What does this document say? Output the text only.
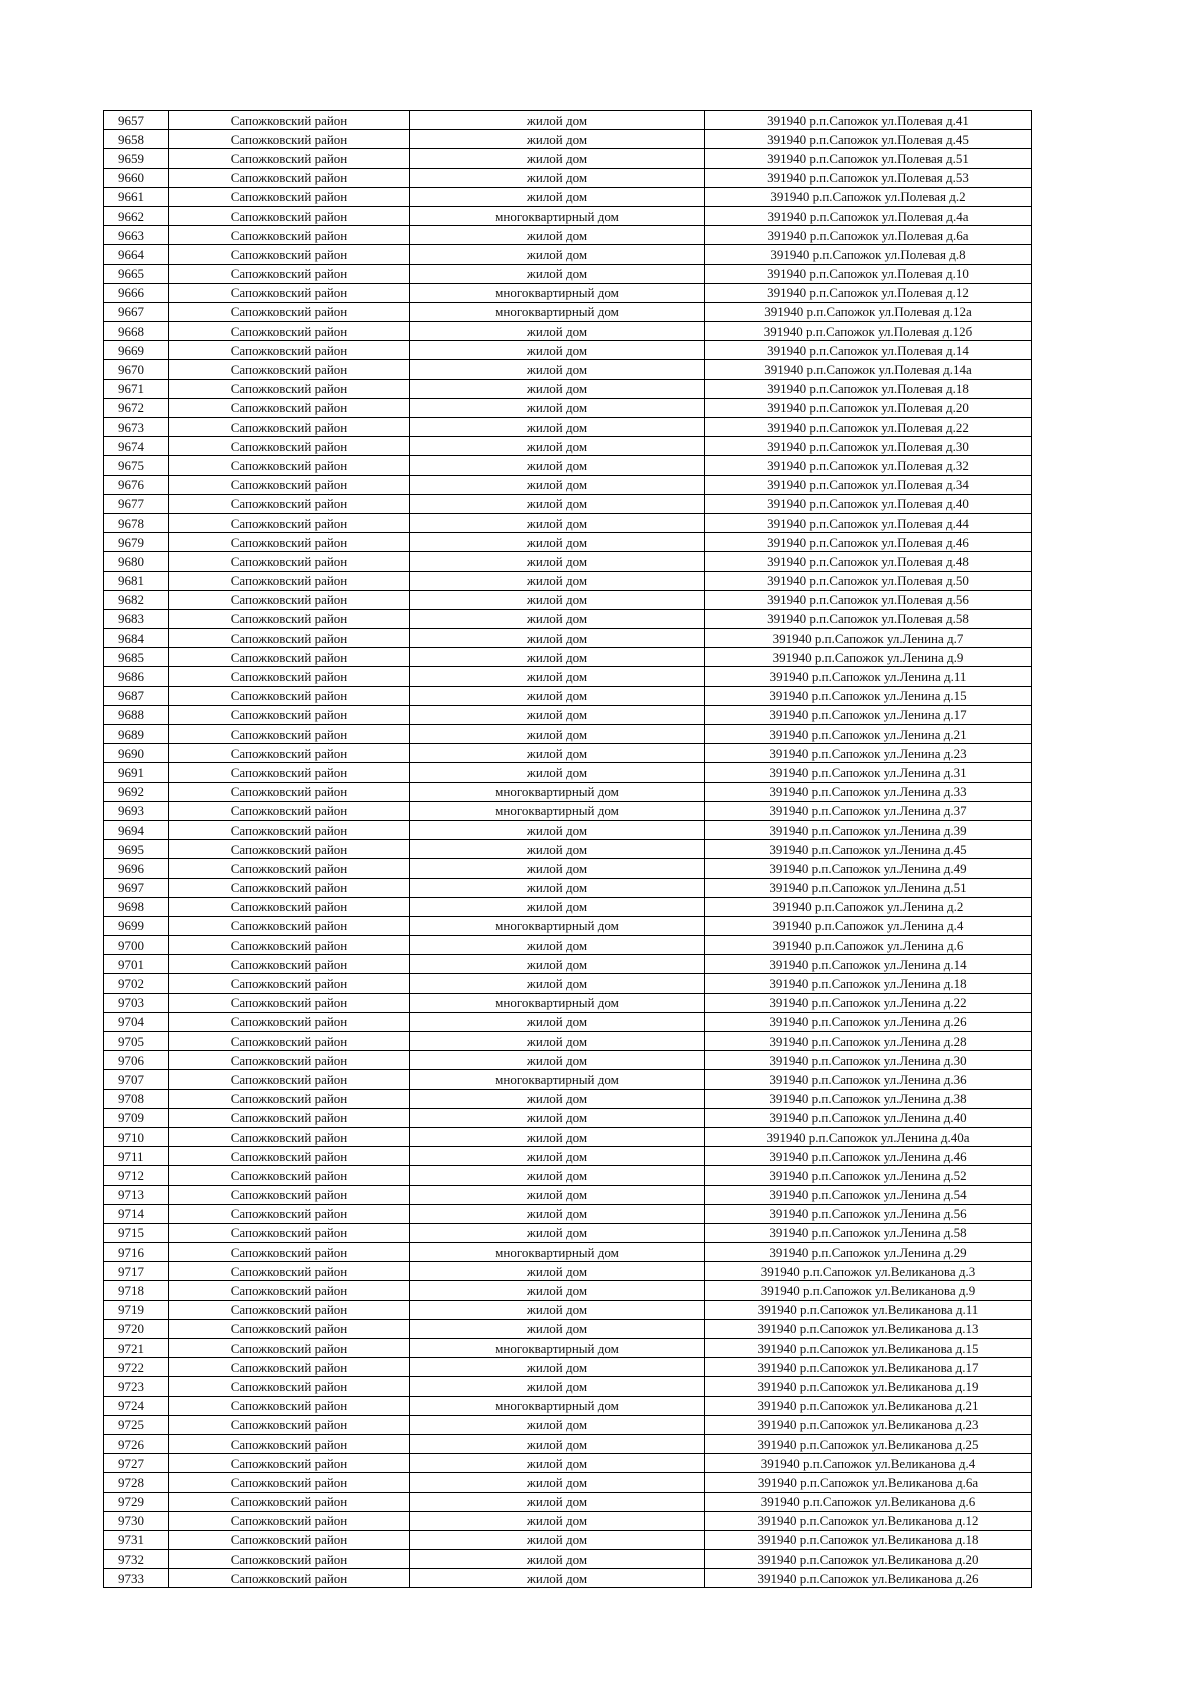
9657	Сапожковский район	жилой дом	391940 р.п.Сапожок ул.Полевая д.41
9658	Сапожковский район	жилой дом	391940 р.п.Сапожок ул.Полевая д.45
9659	Сапожковский район	жилой дом	391940 р.п.Сапожок ул.Полевая д.51
9660	Сапожковский район	жилой дом	391940 р.п.Сапожок ул.Полевая д.53
9661	Сапожковский район	жилой дом	391940 р.п.Сапожок ул.Полевая д.2
9662	Сапожковский район	многоквартирный дом	391940 р.п.Сапожок ул.Полевая д.4а
9663	Сапожковский район	жилой дом	391940 р.п.Сапожок ул.Полевая д.6а
9664	Сапожковский район	жилой дом	391940 р.п.Сапожок ул.Полевая д.8
9665	Сапожковский район	жилой дом	391940 р.п.Сапожок ул.Полевая д.10
9666	Сапожковский район	многоквартирный дом	391940 р.п.Сапожок ул.Полевая д.12
9667	Сапожковский район	многоквартирный дом	391940 р.п.Сапожок ул.Полевая д.12а
9668	Сапожковский район	жилой дом	391940 р.п.Сапожок ул.Полевая д.12б
9669	Сапожковский район	жилой дом	391940 р.п.Сапожок ул.Полевая д.14
9670	Сапожковский район	жилой дом	391940 р.п.Сапожок ул.Полевая д.14а
9671	Сапожковский район	жилой дом	391940 р.п.Сапожок ул.Полевая д.18
9672	Сапожковский район	жилой дом	391940 р.п.Сапожок ул.Полевая д.20
9673	Сапожковский район	жилой дом	391940 р.п.Сапожок ул.Полевая д.22
9674	Сапожковский район	жилой дом	391940 р.п.Сапожок ул.Полевая д.30
9675	Сапожковский район	жилой дом	391940 р.п.Сапожок ул.Полевая д.32
9676	Сапожковский район	жилой дом	391940 р.п.Сапожок ул.Полевая д.34
9677	Сапожковский район	жилой дом	391940 р.п.Сапожок ул.Полевая д.40
9678	Сапожковский район	жилой дом	391940 р.п.Сапожок ул.Полевая д.44
9679	Сапожковский район	жилой дом	391940 р.п.Сапожок ул.Полевая д.46
9680	Сапожковский район	жилой дом	391940 р.п.Сапожок ул.Полевая д.48
9681	Сапожковский район	жилой дом	391940 р.п.Сапожок ул.Полевая д.50
9682	Сапожковский район	жилой дом	391940 р.п.Сапожок ул.Полевая д.56
9683	Сапожковский район	жилой дом	391940 р.п.Сапожок ул.Полевая д.58
9684	Сапожковский район	жилой дом	391940 р.п.Сапожок ул.Ленина д.7
9685	Сапожковский район	жилой дом	391940 р.п.Сапожок ул.Ленина д.9
9686	Сапожковский район	жилой дом	391940 р.п.Сапожок ул.Ленина д.11
9687	Сапожковский район	жилой дом	391940 р.п.Сапожок ул.Ленина д.15
9688	Сапожковский район	жилой дом	391940 р.п.Сапожок ул.Ленина д.17
9689	Сапожковский район	жилой дом	391940 р.п.Сапожок ул.Ленина д.21
9690	Сапожковский район	жилой дом	391940 р.п.Сапожок ул.Ленина д.23
9691	Сапожковский район	жилой дом	391940 р.п.Сапожок ул.Ленина д.31
9692	Сапожковский район	многоквартирный дом	391940 р.п.Сапожок ул.Ленина д.33
9693	Сапожковский район	многоквартирный дом	391940 р.п.Сапожок ул.Ленина д.37
9694	Сапожковский район	жилой дом	391940 р.п.Сапожок ул.Ленина д.39
9695	Сапожковский район	жилой дом	391940 р.п.Сапожок ул.Ленина д.45
9696	Сапожковский район	жилой дом	391940 р.п.Сапожок ул.Ленина д.49
9697	Сапожковский район	жилой дом	391940 р.п.Сапожок ул.Ленина д.51
9698	Сапожковский район	жилой дом	391940 р.п.Сапожок ул.Ленина д.2
9699	Сапожковский район	многоквартирный дом	391940 р.п.Сапожок ул.Ленина д.4
9700	Сапожковский район	жилой дом	391940 р.п.Сапожок ул.Ленина д.6
9701	Сапожковский район	жилой дом	391940 р.п.Сапожок ул.Ленина д.14
9702	Сапожковский район	жилой дом	391940 р.п.Сапожок ул.Ленина д.18
9703	Сапожковский район	многоквартирный дом	391940 р.п.Сапожок ул.Ленина д.22
9704	Сапожковский район	жилой дом	391940 р.п.Сапожок ул.Ленина д.26
9705	Сапожковский район	жилой дом	391940 р.п.Сапожок ул.Ленина д.28
9706	Сапожковский район	жилой дом	391940 р.п.Сапожок ул.Ленина д.30
9707	Сапожковский район	многоквартирный дом	391940 р.п.Сапожок ул.Ленина д.36
9708	Сапожковский район	жилой дом	391940 р.п.Сапожок ул.Ленина д.38
9709	Сапожковский район	жилой дом	391940 р.п.Сапожок ул.Ленина д.40
9710	Сапожковский район	жилой дом	391940 р.п.Сапожок ул.Ленина д.40а
9711	Сапожковский район	жилой дом	391940 р.п.Сапожок ул.Ленина д.46
9712	Сапожковский район	жилой дом	391940 р.п.Сапожок ул.Ленина д.52
9713	Сапожковский район	жилой дом	391940 р.п.Сапожок ул.Ленина д.54
9714	Сапожковский район	жилой дом	391940 р.п.Сапожок ул.Ленина д.56
9715	Сапожковский район	жилой дом	391940 р.п.Сапожок ул.Ленина д.58
9716	Сапожковский район	многоквартирный дом	391940 р.п.Сапожок ул.Ленина д.29
9717	Сапожковский район	жилой дом	391940 р.п.Сапожок ул.Великанова д.3
9718	Сапожковский район	жилой дом	391940 р.п.Сапожок ул.Великанова д.9
9719	Сапожковский район	жилой дом	391940 р.п.Сапожок ул.Великанова д.11
9720	Сапожковский район	жилой дом	391940 р.п.Сапожок ул.Великанова д.13
9721	Сапожковский район	многоквартирный дом	391940 р.п.Сапожок ул.Великанова д.15
9722	Сапожковский район	жилой дом	391940 р.п.Сапожок ул.Великанова д.17
9723	Сапожковский район	жилой дом	391940 р.п.Сапожок ул.Великанова д.19
9724	Сапожковский район	многоквартирный дом	391940 р.п.Сапожок ул.Великанова д.21
9725	Сапожковский район	жилой дом	391940 р.п.Сапожок ул.Великанова д.23
9726	Сапожковский район	жилой дом	391940 р.п.Сапожок ул.Великанова д.25
9727	Сапожковский район	жилой дом	391940 р.п.Сапожок ул.Великанова д.4
9728	Сапожковский район	жилой дом	391940 р.п.Сапожок ул.Великанова д.6а
9729	Сапожковский район	жилой дом	391940 р.п.Сапожок ул.Великанова д.6
9730	Сапожковский район	жилой дом	391940 р.п.Сапожок ул.Великанова д.12
9731	Сапожковский район	жилой дом	391940 р.п.Сапожок ул.Великанова д.18
9732	Сапожковский район	жилой дом	391940 р.п.Сапожок ул.Великанова д.20
9733	Сапожковский район	жилой дом	391940 р.п.Сапожок ул.Великанова д.26
